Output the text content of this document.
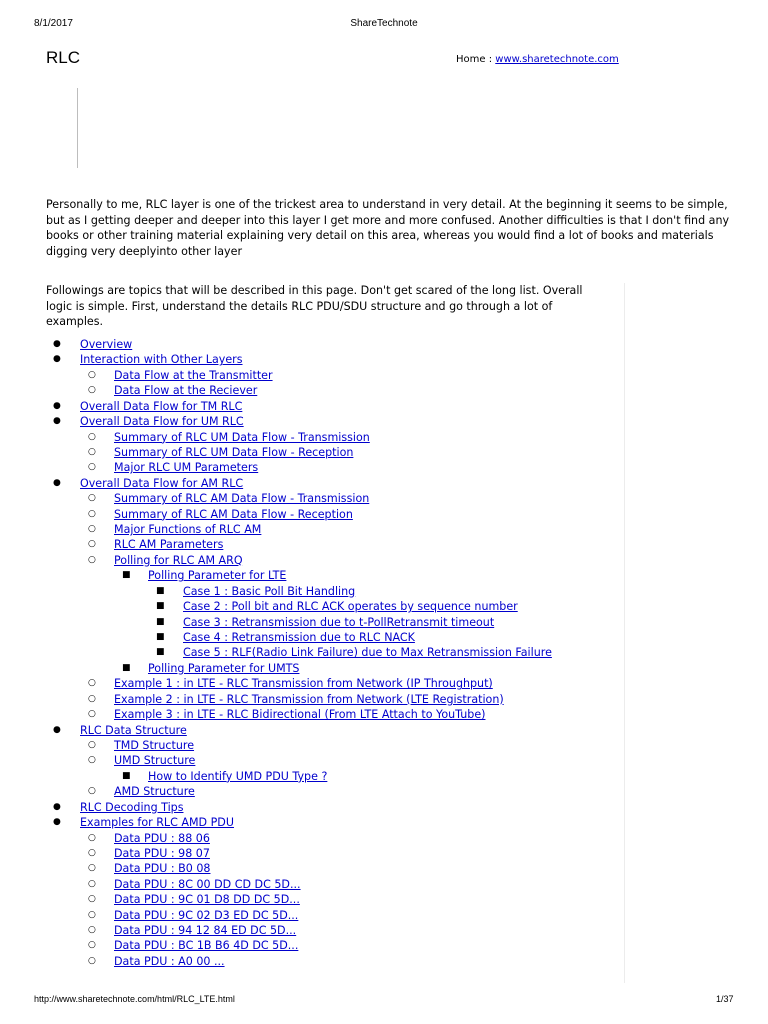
8/1/2017	ShareTechnote
RLC	Home : www.sharetechnote.com
Personally to me, RLC layer is one of the trickest area to understand in very detail. At the beginning it seems to be simple, but as I getting deeper and deeper into this layer I get more and more confused. Another difficulties is that I don't find any books or other training material explaining very detail on this area, whereas you would find a lot of books and materials digging very deeplyinto other layer
Followings are topics that will be described in this page. Don't get scared of the long list. Overall logic is simple. First, understand the details RLC PDU/SDU structure and go through a lot of examples.
● Overview
● Interaction with Other Layers
○ Data Flow at the Transmitter
○ Data Flow at the Reciever
● Overall Data Flow for TM RLC
● Overall Data Flow for UM RLC
○ Summary of RLC UM Data Flow - Transmission
○ Summary of RLC UM Data Flow - Reception
○ Major RLC UM Parameters
● Overall Data Flow for AM RLC
○ Summary of RLC AM Data Flow - Transmission
○ Summary of RLC AM Data Flow - Reception
○ Major Functions of RLC AM
○ RLC AM Parameters
○ Polling for RLC AM ARQ
■ Polling Parameter for LTE
■ Case 1 : Basic Poll Bit Handling
■ Case 2 : Poll bit and RLC ACK operates by sequence number
■ Case 3 : Retransmission due to t-PollRetransmit timeout
■ Case 4 : Retransmission due to RLC NACK
■ Case 5 : RLF(Radio Link Failure) due to Max Retransmission Failure
■ Polling Parameter for UMTS
○ Example 1 : in LTE - RLC Transmission from Network (IP Throughput)
○ Example 2 : in LTE - RLC Transmission from Network (LTE Registration)
○ Example 3 : in LTE - RLC Bidirectional (From LTE Attach to YouTube)
● RLC Data Structure
○ TMD Structure
○ UMD Structure
■ How to Identify UMD PDU Type ?
○ AMD Structure
● RLC Decoding Tips
● Examples for RLC AMD PDU
○ Data PDU : 88 06
○ Data PDU : 98 07
○ Data PDU : B0 08
○ Data PDU : 8C 00 DD CD DC 5D...
○ Data PDU : 9C 01 D8 DD DC 5D...
○ Data PDU : 9C 02 D3 ED DC 5D...
○ Data PDU : 94 12 84 ED DC 5D...
○ Data PDU : BC 1B B6 4D DC 5D...
○ Data PDU : A0 00 ...
http://www.sharetechnote.com/html/RLC_LTE.html	1/37
